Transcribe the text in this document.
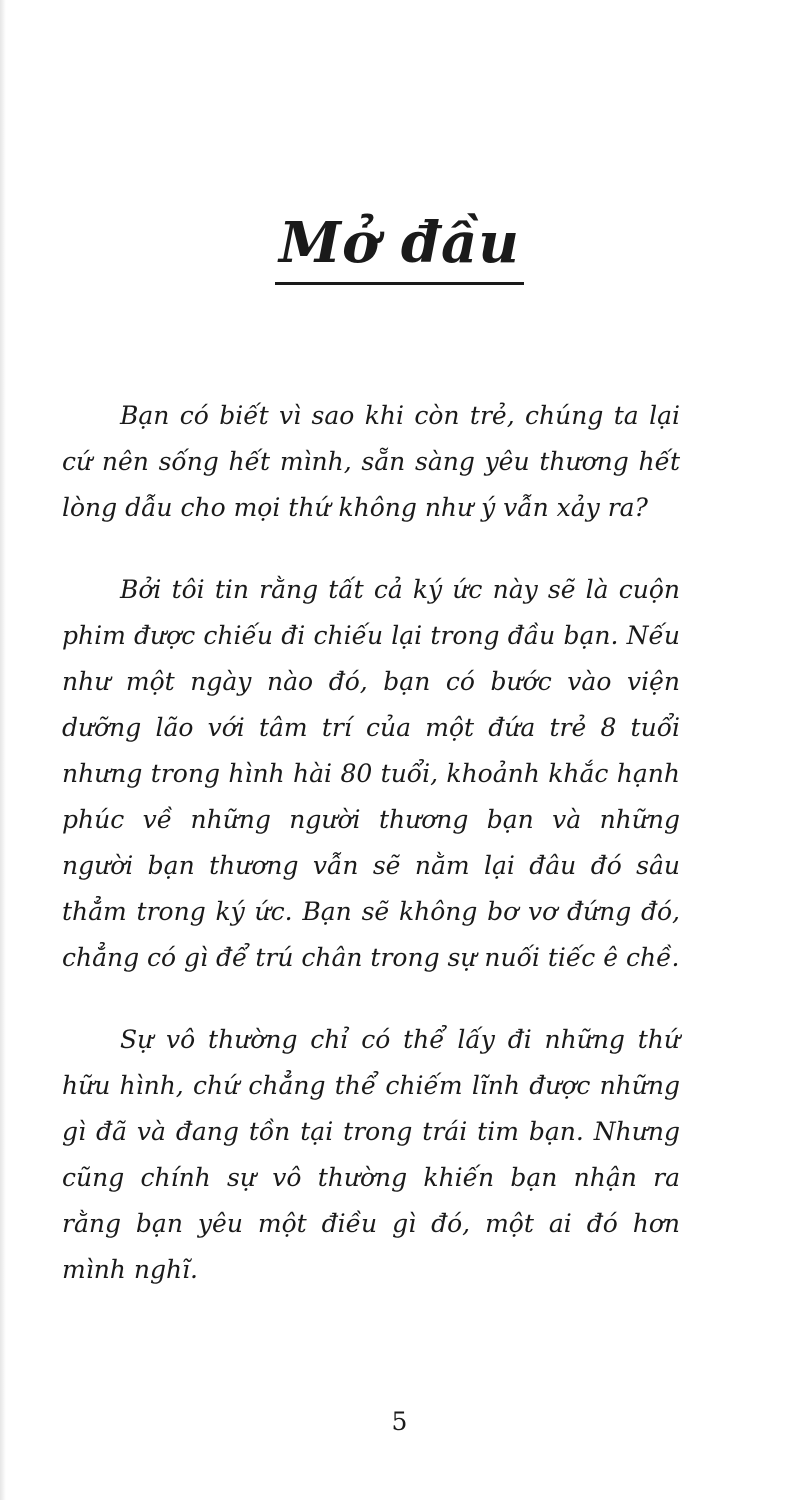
Mở đầu

Bạn có biết vì sao khi còn trẻ, chúng ta lại cứ nên sống hết mình, sẵn sàng yêu thương hết lòng dẫu cho mọi thứ không như ý vẫn xảy ra?

Bởi tôi tin rằng tất cả ký ức này sẽ là cuộn phim được chiếu đi chiếu lại trong đầu bạn. Nếu như một ngày nào đó, bạn có bước vào viện dưỡng lão với tâm trí của một đứa trẻ 8 tuổi nhưng trong hình hài 80 tuổi, khoảnh khắc hạnh phúc về những người thương bạn và những người bạn thương vẫn sẽ nằm lại đâu đó sâu thẳm trong ký ức. Bạn sẽ không bơ vơ đứng đó, chẳng có gì để trú chân trong sự nuối tiếc ê chề.

Sự vô thường chỉ có thể lấy đi những thứ hữu hình, chứ chẳng thể chiếm lĩnh được những gì đã và đang tồn tại trong trái tim bạn. Nhưng cũng chính sự vô thường khiến bạn nhận ra rằng bạn yêu một điều gì đó, một ai đó hơn mình nghĩ.

5
